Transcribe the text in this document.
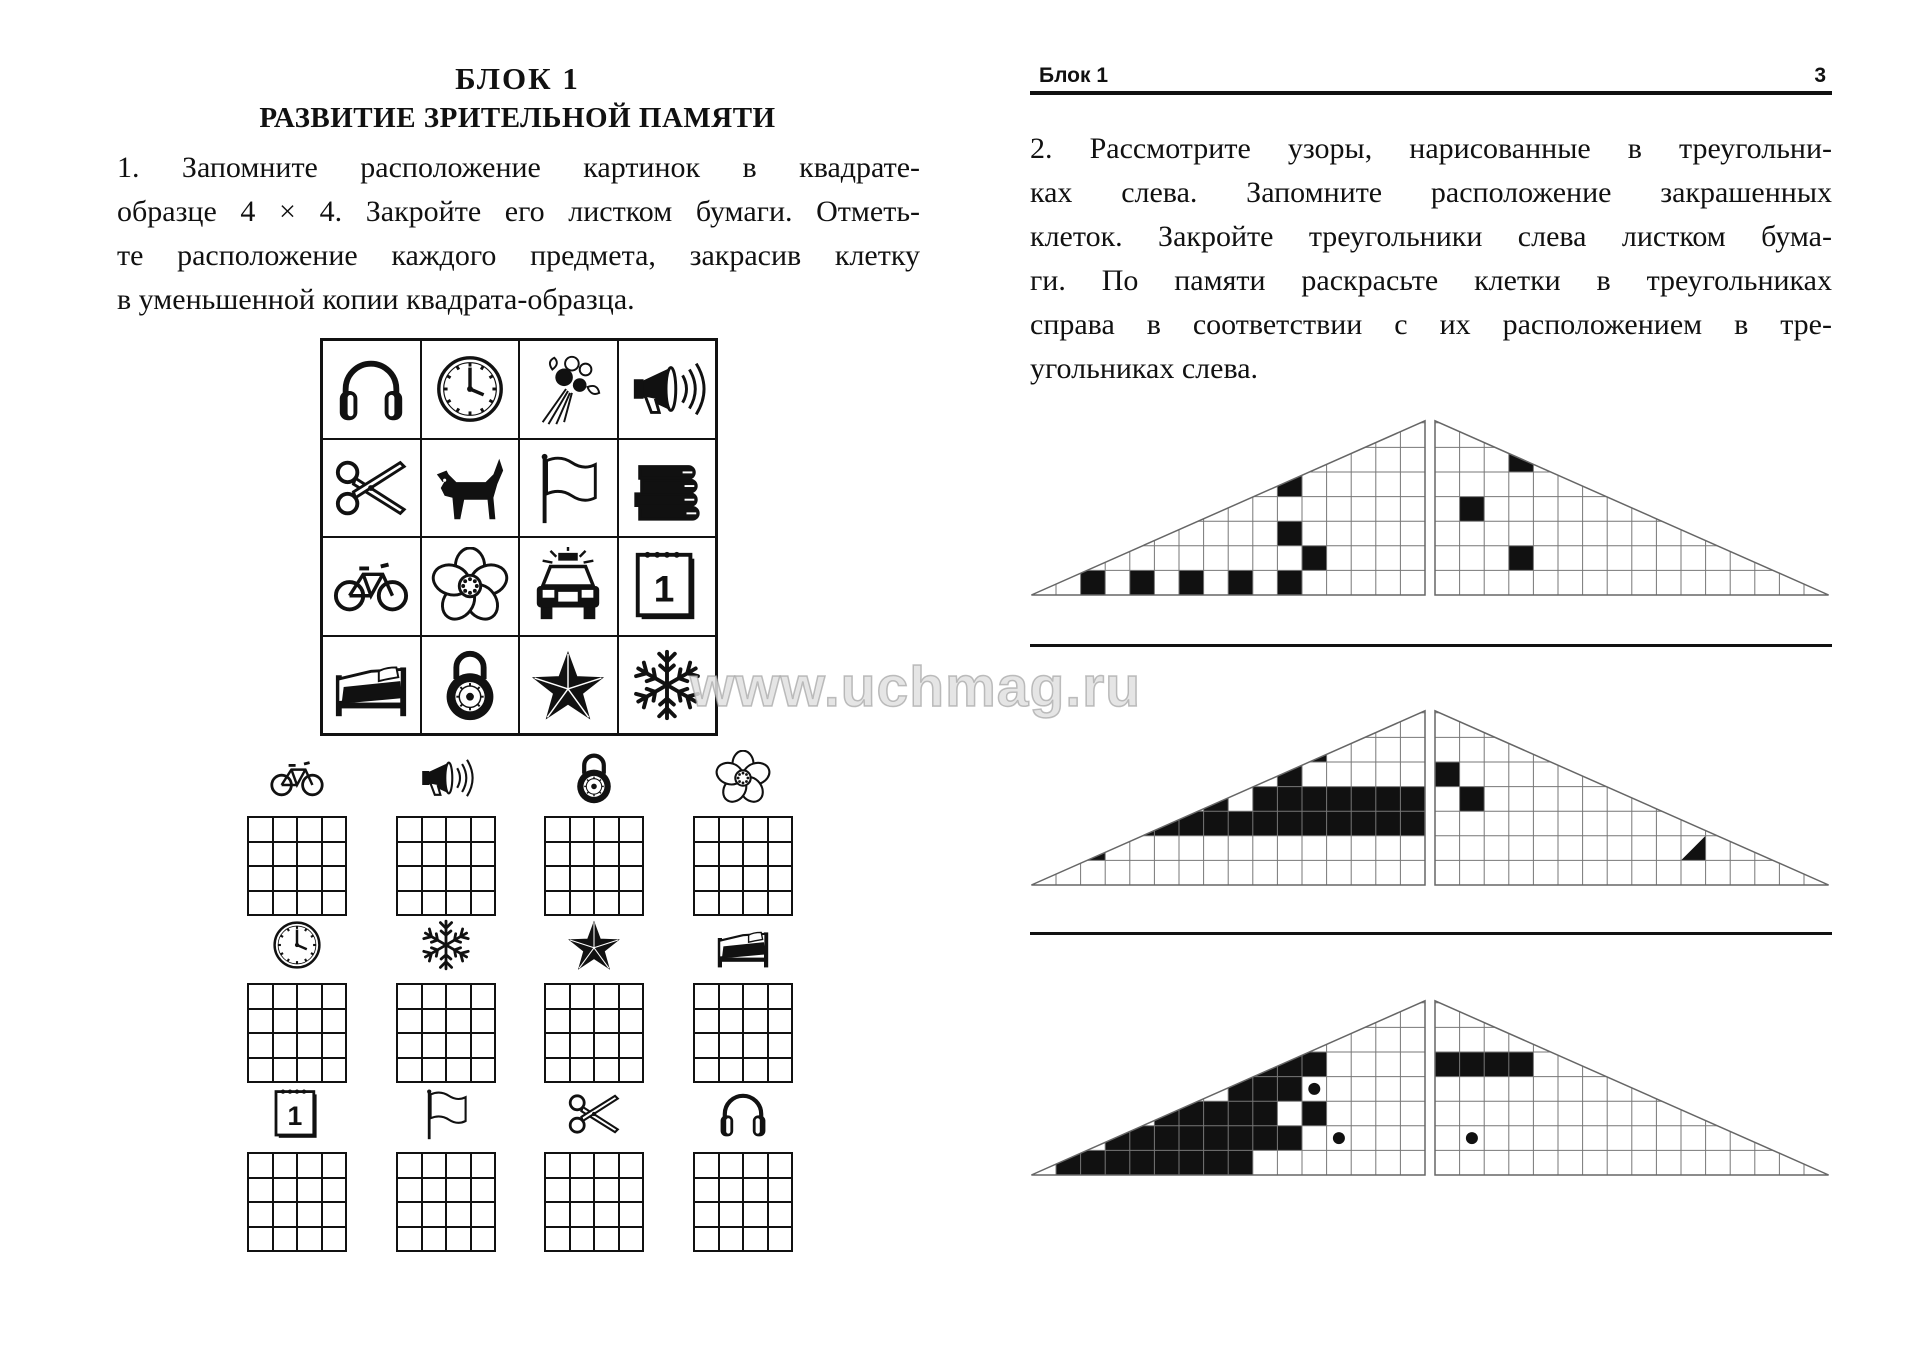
БЛОК 1
РАЗВИТИЕ ЗРИТЕЛЬНОЙ ПАМЯТИ

1. Запомните расположение картинок в квадрате-
образце 4 × 4. Закройте его листком бумаги. Отметь-
те расположение каждого предмета, закрасив клетку
в уменьшенной копии квадрата-образца.

1
1
Блок 1	3

2. Рассмотрите узоры, нарисованные в треугольни-
ках слева. Запомните расположение закрашенных
клеток. Закройте треугольники слева листком бума-
ги. По памяти раскрасьте клетки в треугольниках
справа в соответствии с их расположением в тре-
угольниках слева.

www.uchmag.ru
